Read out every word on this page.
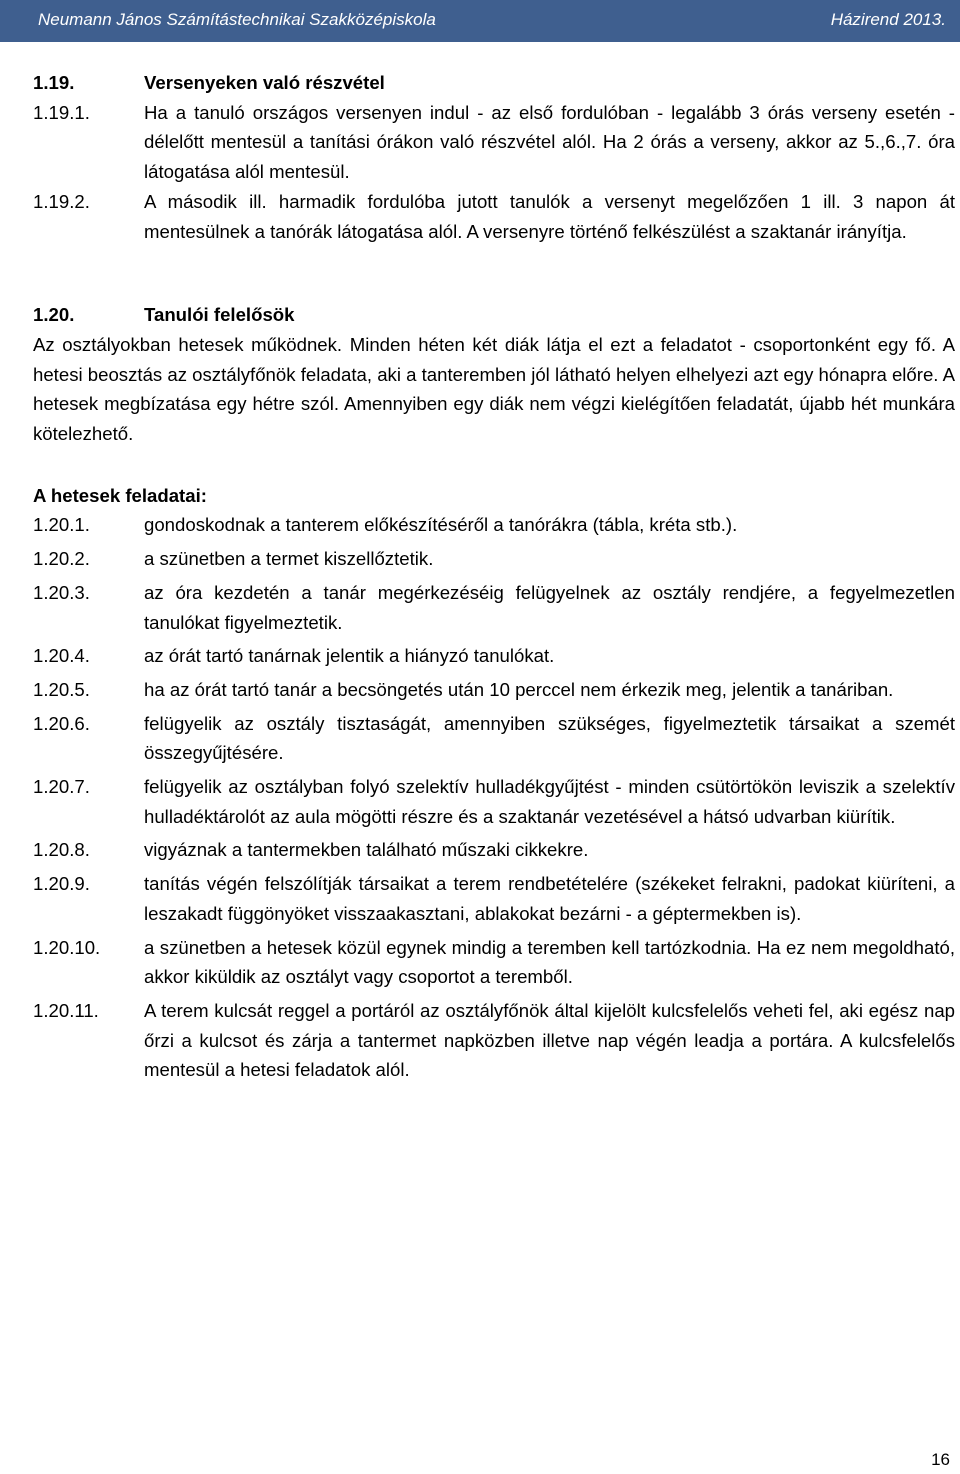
Neumann János Számítástechnikai Szakközépiskola	Házirend 2013.
1.19.	Versenyeken való részvétel
1.19.1.	Ha a tanuló országos versenyen indul - az első fordulóban - legalább 3 órás verseny esetén - délelőtt mentesül a tanítási órákon való részvétel alól. Ha 2 órás a verseny, akkor az 5.,6.,7. óra látogatása alól mentesül.
1.19.2.	A második ill. harmadik fordulóba jutott tanulók a versenyt megelőzően 1 ill. 3 napon át mentesülnek a tanórák látogatása alól. A versenyre történő felkészülést a szaktanár irányítja.
1.20.	Tanulói felelősök
Az osztályokban hetesek működnek. Minden héten két diák látja el ezt a feladatot - csoportonként egy fő. A hetesi beosztás az osztályfőnök feladata, aki a tanteremben jól látható helyen elhelyezi azt egy hónapra előre. A hetesek megbízatása egy hétre szól. Amennyiben egy diák nem végzi kielégítően feladatát, újabb hét munkára kötelezhető.
A hetesek feladatai:
1.20.1.	gondoskodnak a tanterem előkészítéséről a tanórákra (tábla, kréta stb.).
1.20.2.	a szünetben a termet kiszellőztetik.
1.20.3.	az óra kezdetén a tanár megérkezéséig felügyelnek az osztály rendjére, a fegyelmezetlen tanulókat figyelmeztetik.
1.20.4.	az órát tartó tanárnak jelentik a hiányzó tanulókat.
1.20.5.	ha az órát tartó tanár a becsöngetés után 10 perccel nem érkezik meg, jelentik a tanáriban.
1.20.6.	felügyelik az osztály tisztaságát, amennyiben szükséges, figyelmeztetik társaikat a szemét összegyűjtésére.
1.20.7.	felügyelik az osztályban folyó szelektív hulladékgyűjtést - minden csütörtökön leviszik a szelektív hulladéktárolót az aula mögötti részre és a szaktanár vezetésével a hátsó udvarban kiürítik.
1.20.8.	vigyáznak a tantermekben található műszaki cikkekre.
1.20.9.	tanítás végén felszólítják társaikat a terem rendbetételére (székeket felrakni, padokat kiüríteni, a leszakadt függönyöket visszaakasztani, ablakokat bezárni - a géptermekben is).
1.20.10.	a szünetben a hetesek közül egynek mindig a teremben kell tartózkodnia. Ha ez nem megoldható, akkor kiküldik az osztályt vagy csoportot a teremből.
1.20.11.	A terem kulcsát reggel a portáról az osztályfőnök által kijelölt kulcsfelelős veheti fel, aki egész nap őrzi a kulcsot és zárja a tantermet napközben illetve nap végén leadja a portára. A kulcsfelelős mentesül a hetesi feladatok alól.
16
